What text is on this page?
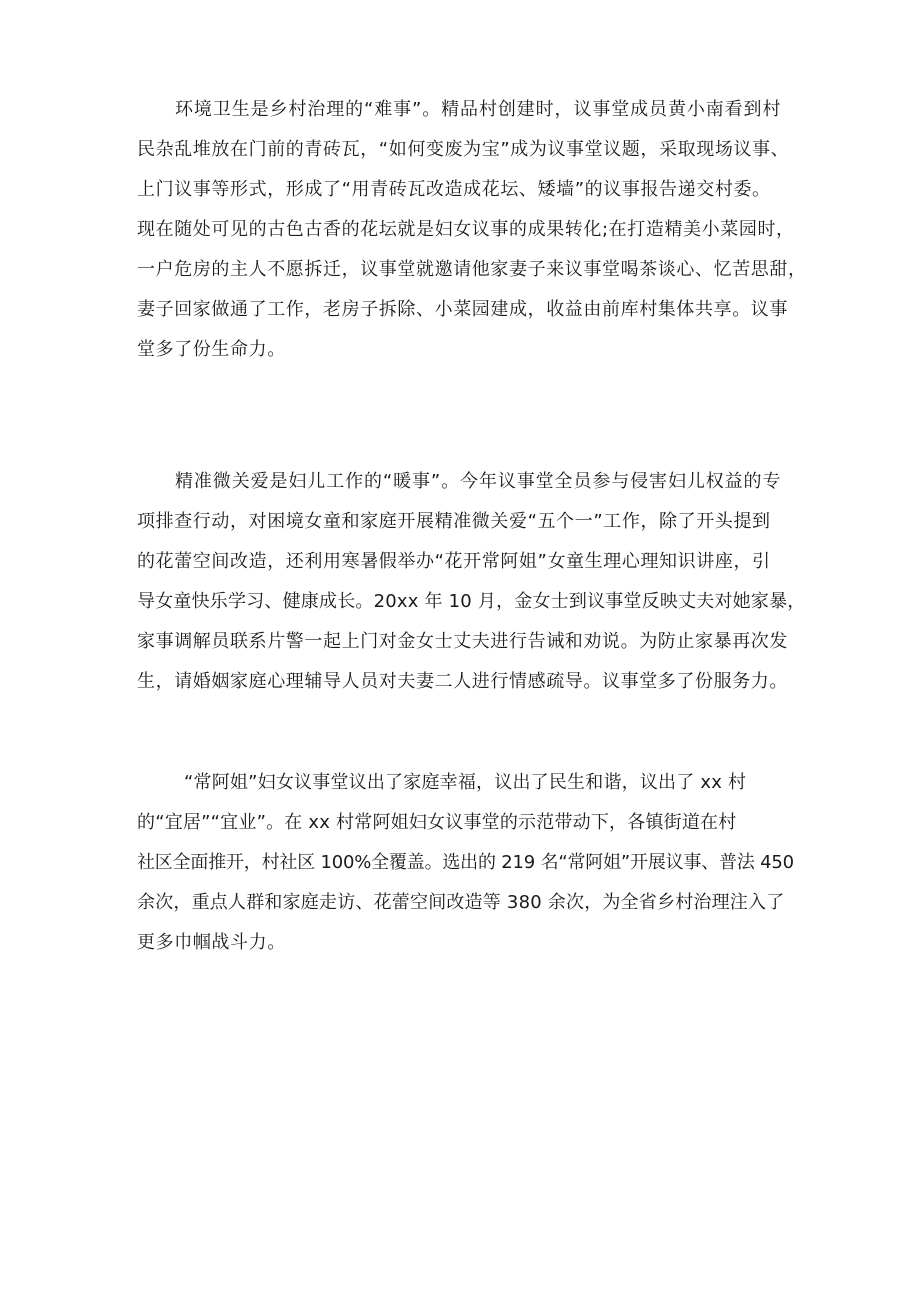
环境卫生是乡村治理的“难事”。精品村创建时，议事堂成员黄小南看到村
民杂乱堆放在门前的青砖瓦，“如何变废为宝”成为议事堂议题，采取现场议事、
上门议事等形式，形成了“用青砖瓦改造成花坛、矮墙”的议事报告递交村委。
现在随处可见的古色古香的花坛就是妇女议事的成果转化;在打造精美小菜园时，
一户危房的主人不愿拆迁，议事堂就邀请他家妻子来议事堂喝茶谈心、忆苦思甜，
妻子回家做通了工作，老房子拆除、小菜园建成，收益由前库村集体共享。议事
堂多了份生命力。
精准微关爱是妇儿工作的“暖事”。今年议事堂全员参与侵害妇儿权益的专
项排查行动，对困境女童和家庭开展精准微关爱“五个一”工作，除了开头提到
的花蕾空间改造，还利用寒暑假举办“花开常阿姐”女童生理心理知识讲座，引
导女童快乐学习、健康成长。20xx 年 10 月，金女士到议事堂反映丈夫对她家暴，
家事调解员联系片警一起上门对金女士丈夫进行告诫和劝说。为防止家暴再次发
生，请婚姻家庭心理辅导人员对夫妻二人进行情感疏导。议事堂多了份服务力。
“常阿姐”妇女议事堂议出了家庭幸福，议出了民生和谐，议出了 xx 村
的“宜居”“宜业”。在 xx 村常阿姐妇女议事堂的示范带动下，各镇街道在村
社区全面推开，村社区 100%全覆盖。选出的 219 名“常阿姐”开展议事、普法 450
余次，重点人群和家庭走访、花蕾空间改造等 380 余次，为全省乡村治理注入了
更多巾帼战斗力。
